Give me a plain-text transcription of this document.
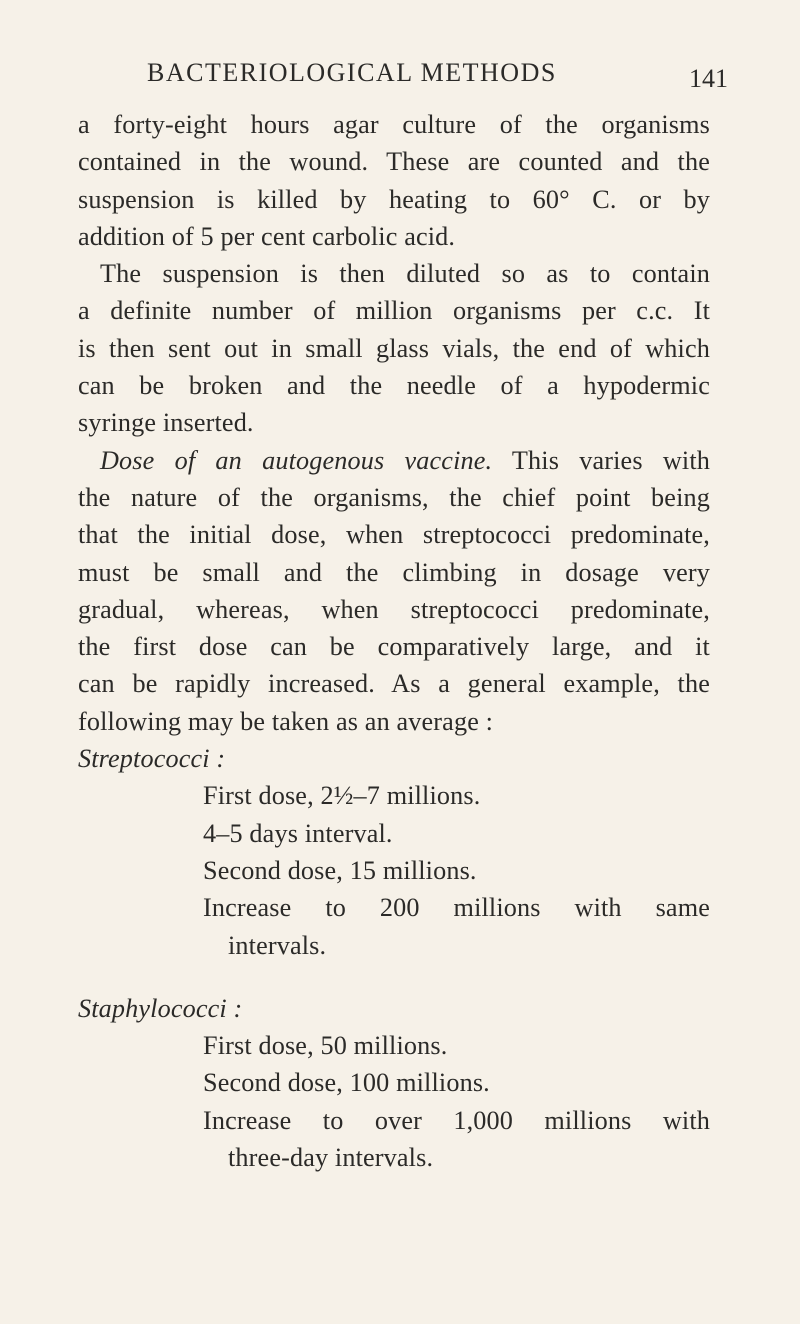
BACTERIOLOGICAL METHODS	141
a forty-eight hours agar culture of the organisms
contained in the wound. These are counted and the
suspension is killed by heating to 60° C. or by
addition of 5 per cent carbolic acid.
The suspension is then diluted so as to contain
a definite number of million organisms per c.c. It
is then sent out in small glass vials, the end of which
can be broken and the needle of a hypodermic
syringe inserted.
Dose of an autogenous vaccine. This varies with
the nature of the organisms, the chief point being
that the initial dose, when streptococci predominate,
must be small and the climbing in dosage very
gradual, whereas, when streptococci predominate,
the first dose can be comparatively large, and it
can be rapidly increased. As a general example, the
following may be taken as an average :
Streptococci :
First dose, 2½–7 millions.
4–5 days interval.
Second dose, 15 millions.
Increase to 200 millions with same
intervals.
Staphylococci :
First dose, 50 millions.
Second dose, 100 millions.
Increase to over 1,000 millions with
three-day intervals.
